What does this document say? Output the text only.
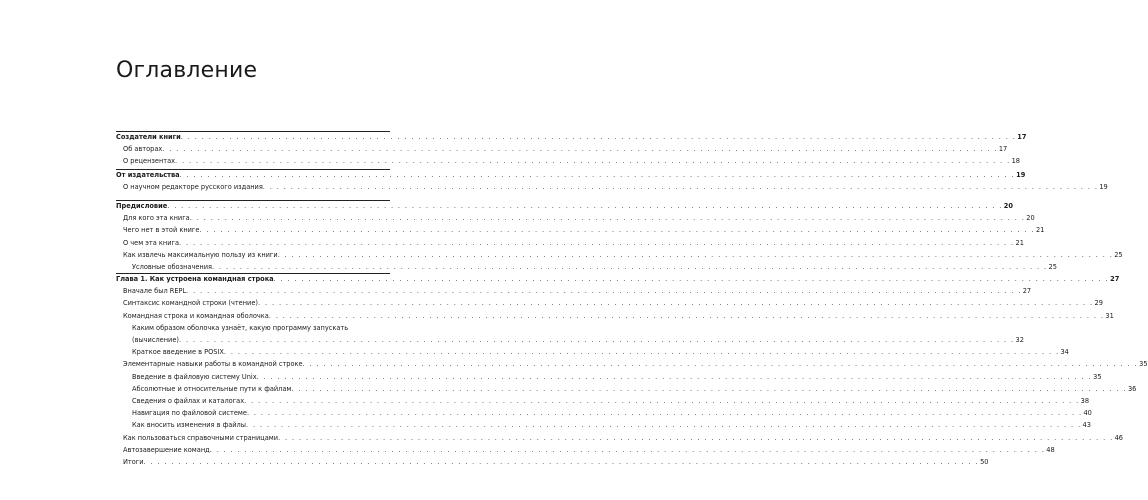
Оглавление
Создатели книги . . . . . . . . . . . . . . . . . . . . . . . . . . . . . . . . . . . . . . . . . . . . . . . . . . . . . . . . . . . . . . . . . . . . . . . . . . . . . . . . . . . . . . . . . . . . . . . . . . . . . . . . . . . . . . . . . . . . . . . . 17
Об авторах . . . . . . . . . . . . . . . . . . . . . . . . . . . . . . . . . . . . . . . . . . . . . . . . . . . . . . . . . . . . . . . . . . . . . . . . . . . . . . . . . . . . . . . . . . . . . . . . . . . . . . . . . . . . . . . . . . . . . . . . 17
О рецензентах . . . . . . . . . . . . . . . . . . . . . . . . . . . . . . . . . . . . . . . . . . . . . . . . . . . . . . . . . . . . . . . . . . . . . . . . . . . . . . . . . . . . . . . . . . . . . . . . . . . . . . . . . . . . . . . . . . . . . . . . 18
От издательства . . . . . . . . . . . . . . . . . . . . . . . . . . . . . . . . . . . . . . . . . . . . . . . . . . . . . . . . . . . . . . . . . . . . . . . . . . . . . . . . . . . . . . . . . . . . . . . . . . . . . . . . . . . . . . . . . . . . . . . . 19
О научном редакторе русского издания . . . . . . . . . . . . . . . . . . . . . . . . . . . . . . . . . . . . . . . . . . . . . . . . . . . . . . . . . . . . . . . . . . . . . . . . . . . . . . . . . . . . . . . . . . . . . . . . . . . . . . . . . . . . . . . . . . . . . . . . 19
Предисловие . . . . . . . . . . . . . . . . . . . . . . . . . . . . . . . . . . . . . . . . . . . . . . . . . . . . . . . . . . . . . . . . . . . . . . . . . . . . . . . . . . . . . . . . . . . . . . . . . . . . . . . . . . . . . . . . . . . . . . . . 20
Для кого эта книга . . . . . . . . . . . . . . . . . . . . . . . . . . . . . . . . . . . . . . . . . . . . . . . . . . . . . . . . . . . . . . . . . . . . . . . . . . . . . . . . . . . . . . . . . . . . . . . . . . . . . . . . . . . . . . . . . . . . . . . . 20
Чего нет в этой книге . . . . . . . . . . . . . . . . . . . . . . . . . . . . . . . . . . . . . . . . . . . . . . . . . . . . . . . . . . . . . . . . . . . . . . . . . . . . . . . . . . . . . . . . . . . . . . . . . . . . . . . . . . . . . . . . . . . . . . . . 21
О чем эта книга . . . . . . . . . . . . . . . . . . . . . . . . . . . . . . . . . . . . . . . . . . . . . . . . . . . . . . . . . . . . . . . . . . . . . . . . . . . . . . . . . . . . . . . . . . . . . . . . . . . . . . . . . . . . . . . . . . . . . . . . 21
Как извлечь максимальную пользу из книги . . . . . . . . . . . . . . . . . . . . . . . . . . . . . . . . . . . . . . . . . . . . . . . . . . . . . . . . . . . . . . . . . . . . . . . . . . . . . . . . . . . . . . . . . . . . . . . . . . . . . . . . . . . . . . . . . . . . . . . . 25
Условные обозначения . . . . . . . . . . . . . . . . . . . . . . . . . . . . . . . . . . . . . . . . . . . . . . . . . . . . . . . . . . . . . . . . . . . . . . . . . . . . . . . . . . . . . . . . . . . . . . . . . . . . . . . . . . . . . . . . . . . . . . . . 25
Глава 1. Как устроена командная строка . . . . . . . . . . . . . . . . . . . . . . . . . . . . . . . . . . . . . . . . . . . . . . . . . . . . . . . . . . . . . . . . . . . . . . . . . . . . . . . . . . . . . . . . . . . . . . . . . . . . . . . . . . . . . . . . . . . . . . . . 27
Вначале был REPL . . . . . . . . . . . . . . . . . . . . . . . . . . . . . . . . . . . . . . . . . . . . . . . . . . . . . . . . . . . . . . . . . . . . . . . . . . . . . . . . . . . . . . . . . . . . . . . . . . . . . . . . . . . . . . . . . . . . . . . . 27
Синтаксис командной строки (чтение) . . . . . . . . . . . . . . . . . . . . . . . . . . . . . . . . . . . . . . . . . . . . . . . . . . . . . . . . . . . . . . . . . . . . . . . . . . . . . . . . . . . . . . . . . . . . . . . . . . . . . . . . . . . . . . . . . . . . . . . . 29
Командная строка и командная оболочка . . . . . . . . . . . . . . . . . . . . . . . . . . . . . . . . . . . . . . . . . . . . . . . . . . . . . . . . . . . . . . . . . . . . . . . . . . . . . . . . . . . . . . . . . . . . . . . . . . . . . . . . . . . . . . . . . . . . . . . . 31
Каким образом оболочка узнаёт, какую программу запускать
(вычисление) . . . . . . . . . . . . . . . . . . . . . . . . . . . . . . . . . . . . . . . . . . . . . . . . . . . . . . . . . . . . . . . . . . . . . . . . . . . . . . . . . . . . . . . . . . . . . . . . . . . . . . . . . . . . . . . . . . . . . . . . 32
Краткое введение в POSIX . . . . . . . . . . . . . . . . . . . . . . . . . . . . . . . . . . . . . . . . . . . . . . . . . . . . . . . . . . . . . . . . . . . . . . . . . . . . . . . . . . . . . . . . . . . . . . . . . . . . . . . . . . . . . . . . . . . . . . . . 34
Элементарные навыки работы в командной строке . . . . . . . . . . . . . . . . . . . . . . . . . . . . . . . . . . . . . . . . . . . . . . . . . . . . . . . . . . . . . . . . . . . . . . . . . . . . . . . . . . . . . . . . . . . . . . . . . . . . . . . . . . . . . . . . . . . . . . . . 35
Введение в файловую систему Unix . . . . . . . . . . . . . . . . . . . . . . . . . . . . . . . . . . . . . . . . . . . . . . . . . . . . . . . . . . . . . . . . . . . . . . . . . . . . . . . . . . . . . . . . . . . . . . . . . . . . . . . . . . . . . . . . . . . . . . . . 35
Абсолютные и относительные пути к файлам . . . . . . . . . . . . . . . . . . . . . . . . . . . . . . . . . . . . . . . . . . . . . . . . . . . . . . . . . . . . . . . . . . . . . . . . . . . . . . . . . . . . . . . . . . . . . . . . . . . . . . . . . . . . . . . . . . . . . . . . 36
Сведения о файлах и каталогах . . . . . . . . . . . . . . . . . . . . . . . . . . . . . . . . . . . . . . . . . . . . . . . . . . . . . . . . . . . . . . . . . . . . . . . . . . . . . . . . . . . . . . . . . . . . . . . . . . . . . . . . . . . . . . . . . . . . . . . . 38
Навигация по файловой системе . . . . . . . . . . . . . . . . . . . . . . . . . . . . . . . . . . . . . . . . . . . . . . . . . . . . . . . . . . . . . . . . . . . . . . . . . . . . . . . . . . . . . . . . . . . . . . . . . . . . . . . . . . . . . . . . . . . . . . . . 40
Как вносить изменения в файлы . . . . . . . . . . . . . . . . . . . . . . . . . . . . . . . . . . . . . . . . . . . . . . . . . . . . . . . . . . . . . . . . . . . . . . . . . . . . . . . . . . . . . . . . . . . . . . . . . . . . . . . . . . . . . . . . . . . . . . . . 43
Как пользоваться справочными страницами . . . . . . . . . . . . . . . . . . . . . . . . . . . . . . . . . . . . . . . . . . . . . . . . . . . . . . . . . . . . . . . . . . . . . . . . . . . . . . . . . . . . . . . . . . . . . . . . . . . . . . . . . . . . . . . . . . . . . . . . 46
Автозавершение команд . . . . . . . . . . . . . . . . . . . . . . . . . . . . . . . . . . . . . . . . . . . . . . . . . . . . . . . . . . . . . . . . . . . . . . . . . . . . . . . . . . . . . . . . . . . . . . . . . . . . . . . . . . . . . . . . . . . . . . . . 48
Итоги . . . . . . . . . . . . . . . . . . . . . . . . . . . . . . . . . . . . . . . . . . . . . . . . . . . . . . . . . . . . . . . . . . . . . . . . . . . . . . . . . . . . . . . . . . . . . . . . . . . . . . . . . . . . . . . . . . . . . . . . 50
